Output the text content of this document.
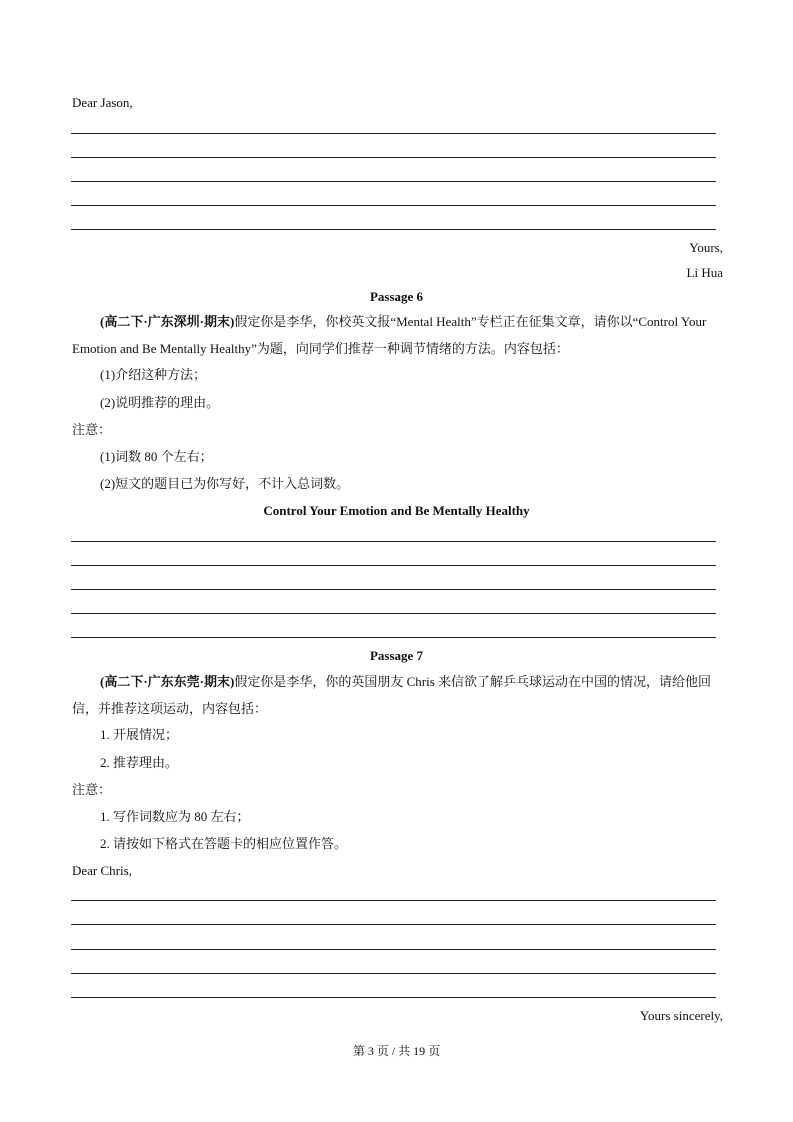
Dear Jason,
Yours,
Li Hua
Passage 6
(高二下·广东深圳·期末)假定你是李华，你校英文报“Mental Health”专栏正在征集文章，请你以“Control Your Emotion and Be Mentally Healthy”为题，向同学们推荐一种调节情绪的方法。内容包括：
(1)介绍这种方法；
(2)说明推荐的理由。
注意：
(1)词数 80 个左右；
(2)短文的题目已为你写好，不计入总词数。
Control Your Emotion and Be Mentally Healthy
Passage 7
(高二下·广东东莞·期末)假定你是李华，你的英国朋友 Chris 来信欲了解乒乓球运动在中国的情况，请给他回信，并推荐这项运动，内容包括：
1. 开展情况；
2. 推荐理由。
注意：
1. 写作词数应为 80 左右；
2. 请按如下格式在答题卡的相应位置作答。
Dear Chris,
Yours sincerely,
第 3 页 / 共 19 页
